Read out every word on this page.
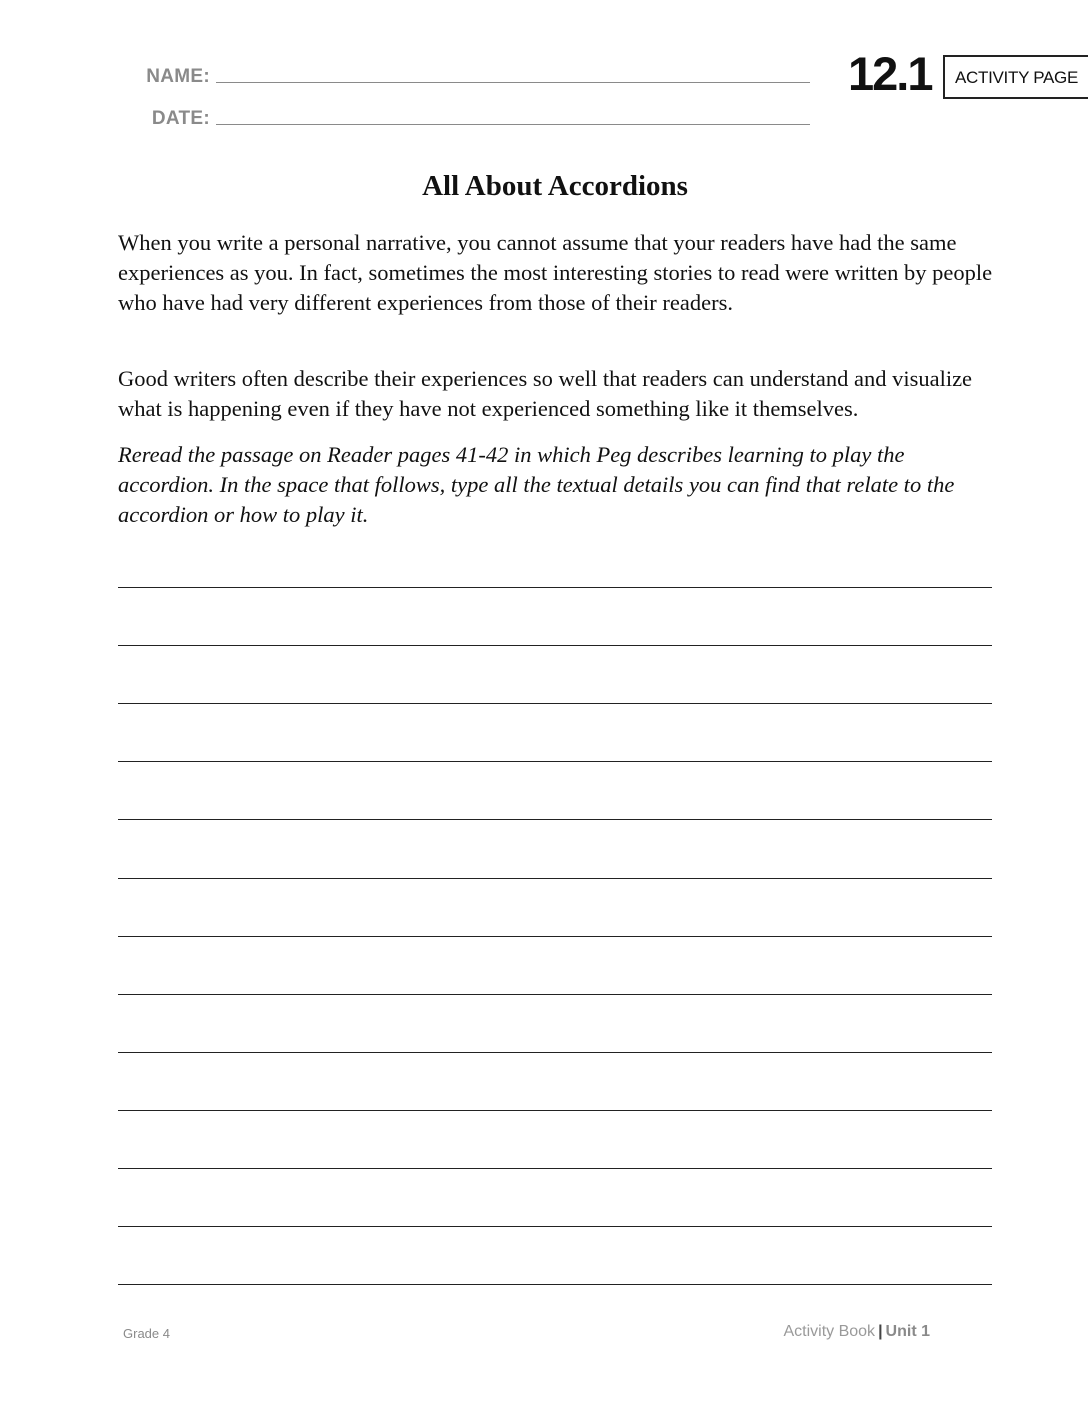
NAME:
DATE:
12.1	ACTIVITY PAGE
All About Accordions

When you write a personal narrative, you cannot assume that your readers have had the same experiences as you. In fact, sometimes the most interesting stories to read were written by people who have had very different experiences from those of their readers.

Good writers often describe their experiences so well that readers can understand and visualize what is happening even if they have not experienced something like it themselves.

Reread the passage on Reader pages 41-42 in which Peg describes learning to play the accordion. In the space that follows, type all the textual details you can find that relate to the accordion or how to play it.

Grade 4	Activity Book | Unit 1
